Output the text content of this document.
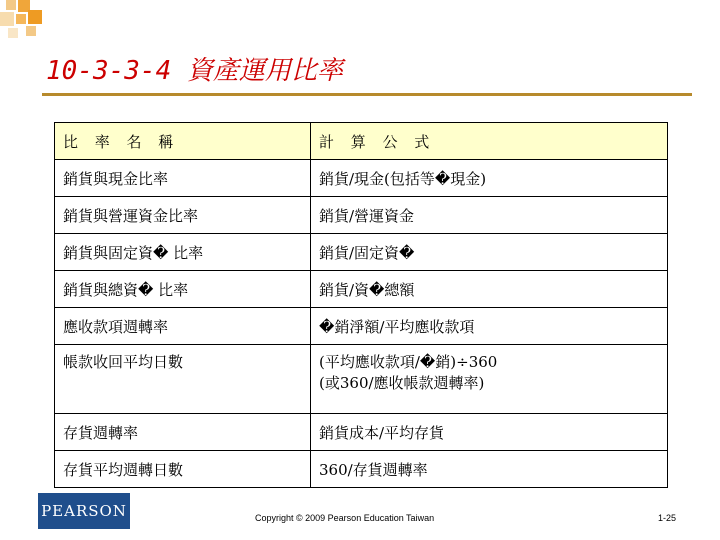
10-3-3-4 資產運用比率
比 率 名 稱	計 算 公 式
銷貨與現金比率	銷貨∕現金(包括等�現金)
銷貨與營運資金比率	銷貨∕營運資金
銷貨與固定資� 比率	銷貨∕固定資�
銷貨與總資� 比率	銷貨∕資�總額
應收款項週轉率	�銷淨額∕平均應收款項
帳款收回平均日數	(平均應收款項∕�銷)÷360
(或360/應收帳款週轉率)

存貨週轉率	銷貨成本∕平均存貨
存貨平均週轉日數	360∕存貨週轉率
PEARSON	Copyright © 2009 Pearson Education Taiwan	1-25
